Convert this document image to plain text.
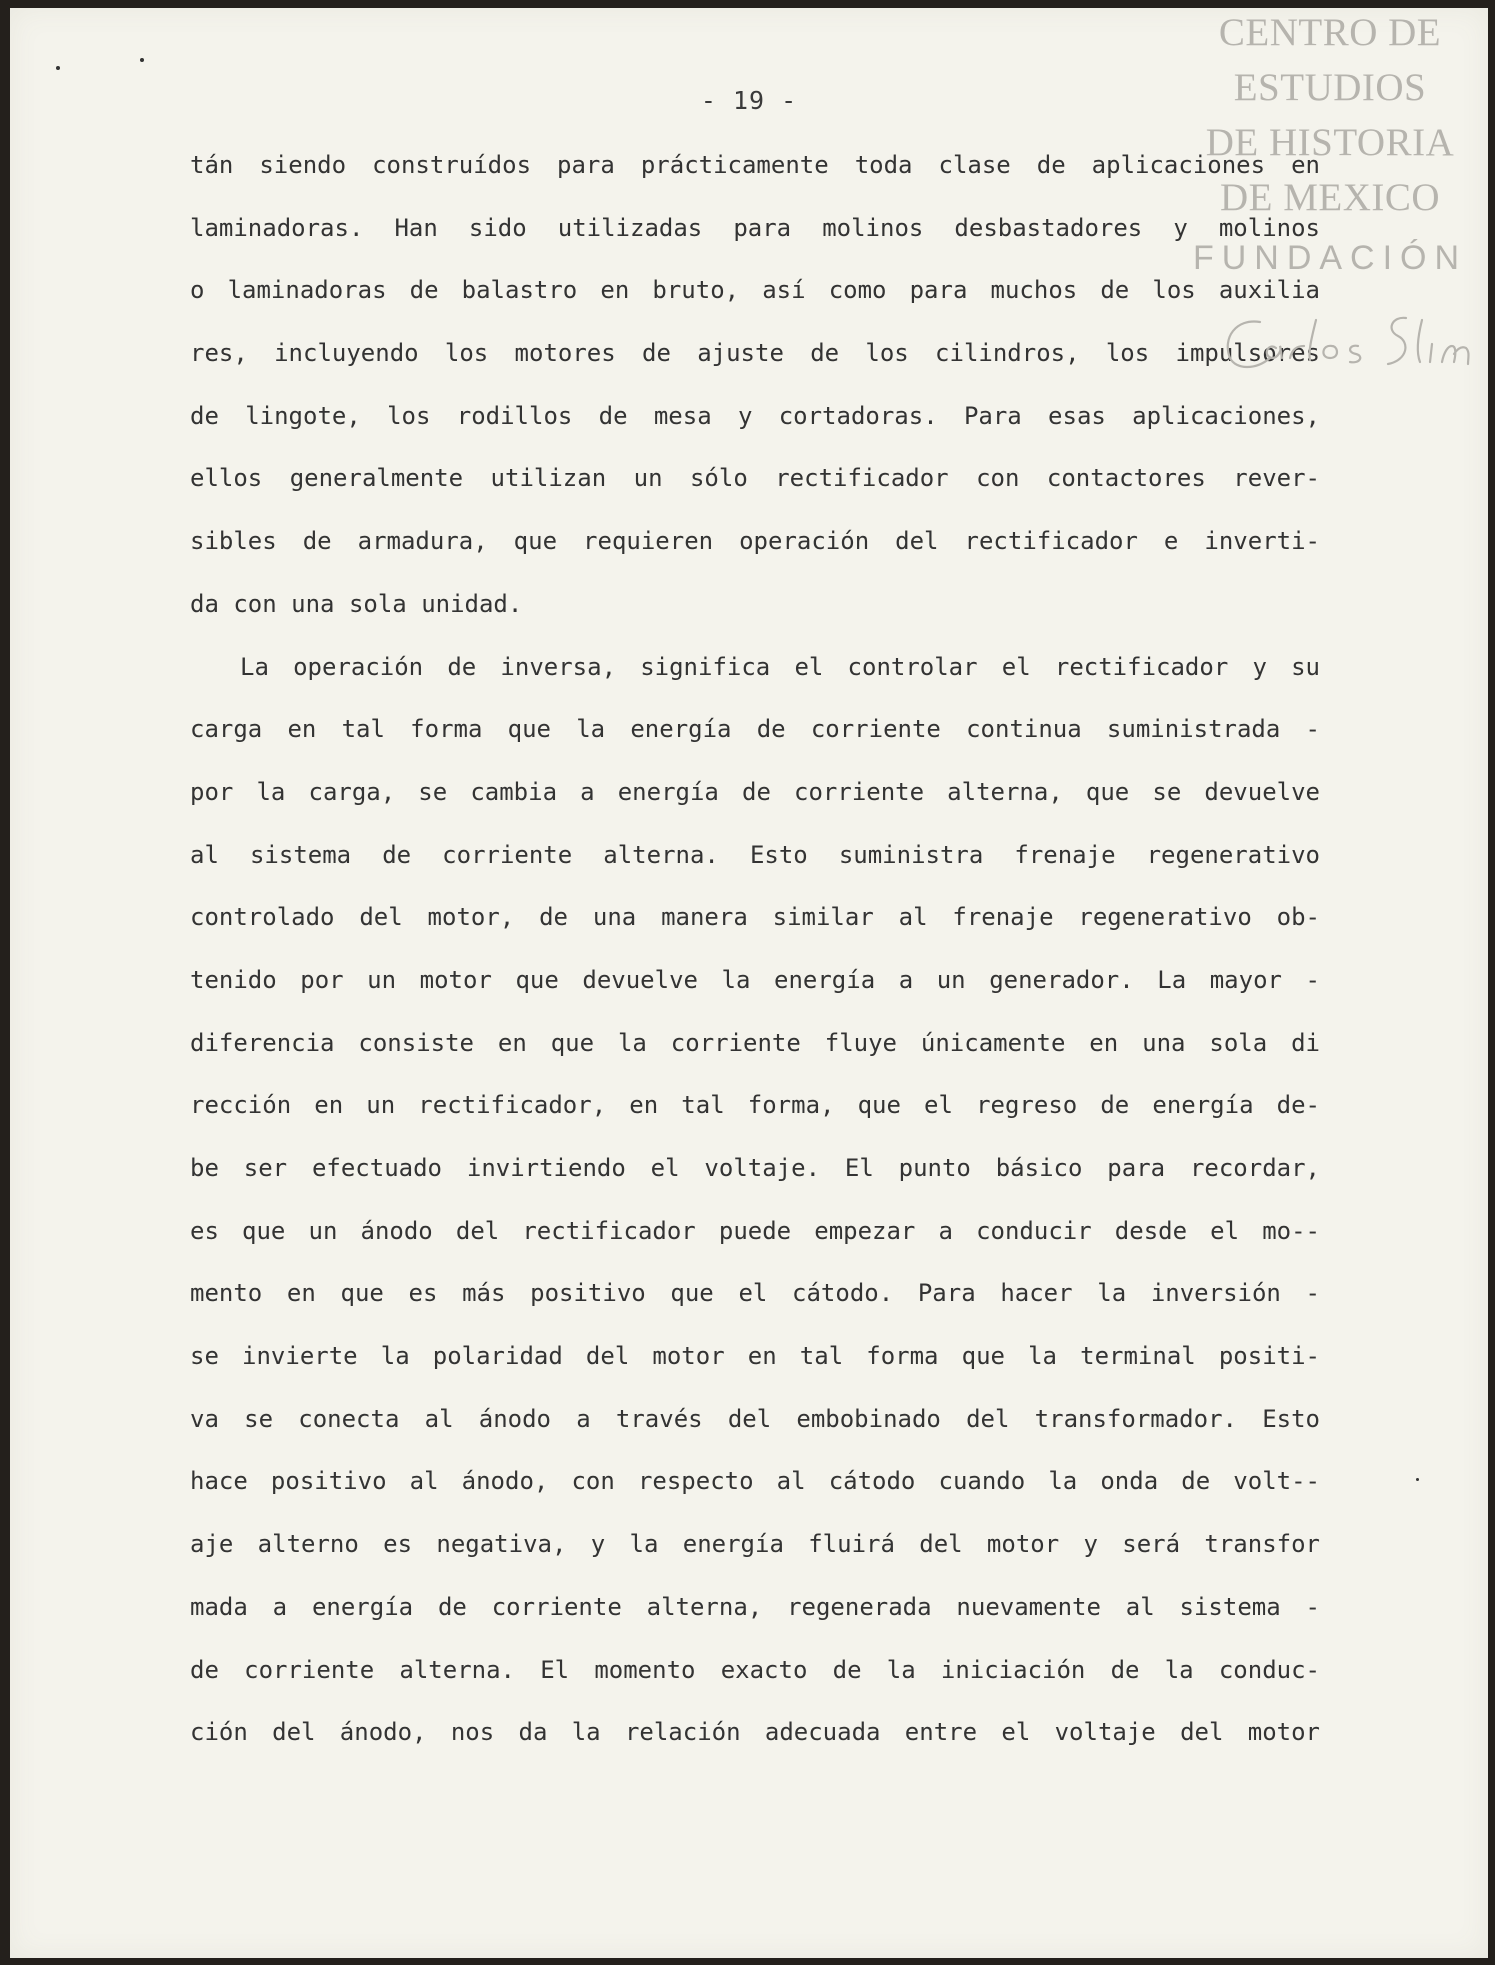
- 19 -
tán siendo construídos para prácticamente toda clase de aplicaciones en
laminadoras. Han sido utilizadas para molinos desbastadores y molinos
o laminadoras de balastro en bruto, así como para muchos de los auxilia
res, incluyendo los motores de ajuste de los cilindros, los impulsores
de lingote, los rodillos de mesa y cortadoras. Para esas aplicaciones,
ellos generalmente utilizan un sólo rectificador con contactores rever-
sibles de armadura, que requieren operación del rectificador e inverti-
da con una sola unidad.
La operación de inversa, significa el controlar el rectificador y su
carga en tal forma que la energía de corriente continua suministrada -
por la carga, se cambia a energía de corriente alterna, que se devuelve
al sistema de corriente alterna. Esto suministra frenaje regenerativo
controlado del motor, de una manera similar al frenaje regenerativo ob-
tenido por un motor que devuelve la energía a un generador. La mayor -
diferencia consiste en que la corriente fluye únicamente en una sola di
rección en un rectificador, en tal forma, que el regreso de energía de-
be ser efectuado invirtiendo el voltaje. El punto básico para recordar,
es que un ánodo del rectificador puede empezar a conducir desde el mo--
mento en que es más positivo que el cátodo. Para hacer la inversión -
se invierte la polaridad del motor en tal forma que la terminal positi-
va se conecta al ánodo a través del embobinado del transformador. Esto
hace positivo al ánodo, con respecto al cátodo cuando la onda de volt--
aje alterno es negativa, y la energía fluirá del motor y será transfor
mada a energía de corriente alterna, regenerada nuevamente al sistema -
de corriente alterna. El momento exacto de la iniciación de la conduc-
ción del ánodo, nos da la relación adecuada entre el voltaje del motor
CENTRO DE
ESTUDIOS
DE HISTORIA
DE MEXICO
FUNDACIÓN
